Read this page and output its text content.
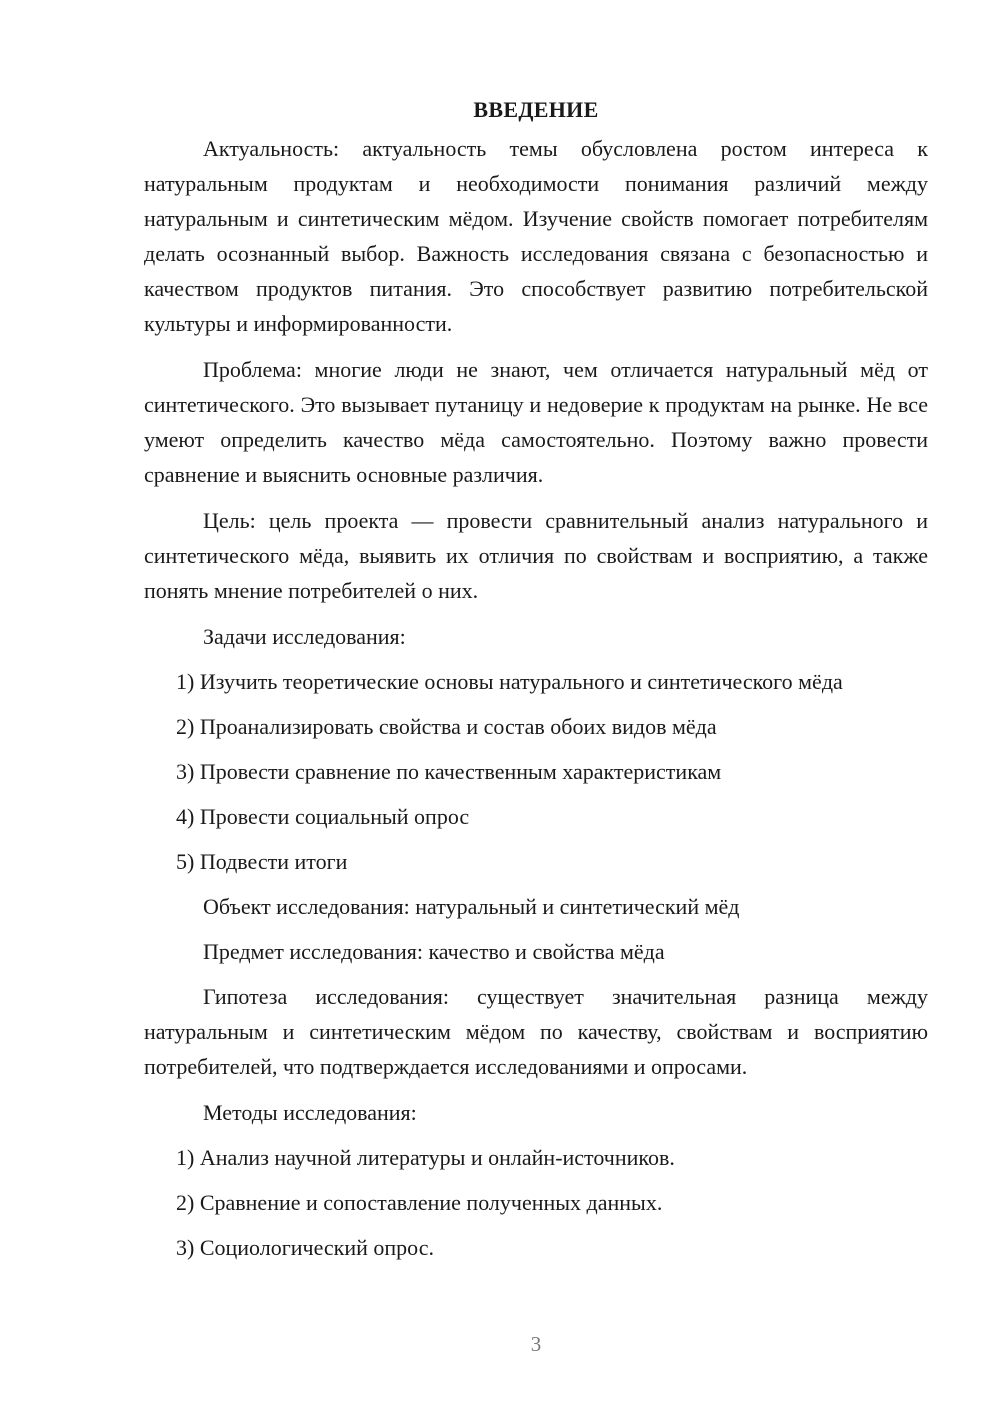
ВВЕДЕНИЕ

Актуальность: актуальность темы обусловлена ростом интереса к натуральным продуктам и необходимости понимания различий между натуральным и синтетическим мёдом. Изучение свойств помогает потребителям делать осознанный выбор. Важность исследования связана с безопасностью и качеством продуктов питания. Это способствует развитию потребительской культуры и информированности.

Проблема: многие люди не знают, чем отличается натуральный мёд от синтетического. Это вызывает путаницу и недоверие к продуктам на рынке. Не все умеют определить качество мёда самостоятельно. Поэтому важно провести сравнение и выяснить основные различия.

Цель: цель проекта — провести сравнительный анализ натурального и синтетического мёда, выявить их отличия по свойствам и восприятию, а также понять мнение потребителей о них.

Задачи исследования:
1) Изучить теоретические основы натурального и синтетического мёда
2) Проанализировать свойства и состав обоих видов мёда
3) Провести сравнение по качественным характеристикам
4) Провести социальный опрос
5) Подвести итоги
Объект исследования: натуральный и синтетический мёд
Предмет исследования: качество и свойства мёда

Гипотеза исследования: существует значительная разница между натуральным и синтетическим мёдом по качеству, свойствам и восприятию потребителей, что подтверждается исследованиями и опросами.

Методы исследования:
1) Анализ научной литературы и онлайн-источников.
2) Сравнение и сопоставление полученных данных.
3) Социологический опрос.
3
